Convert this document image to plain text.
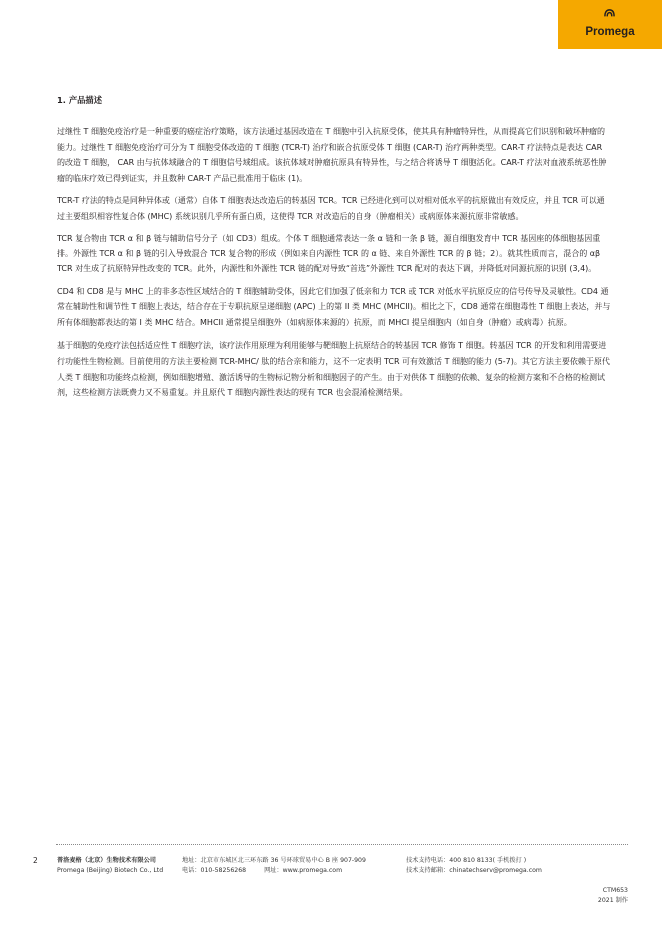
Promega
1. 产品描述

过继性 T 细胞免疫治疗是一种重要的癌症治疗策略，该方法通过基因改造在 T 细胞中引入抗原受体，使其具有肿瘤特异性，从而提高它们识别和破坏肿瘤的能力。过继性 T 细胞免疫治疗可分为 T 细胞受体改造的 T 细胞 (TCR-T) 治疗和嵌合抗原受体 T 细胞 (CAR-T) 治疗两种类型。CAR-T 疗法特点是表达 CAR 的改造 T 细胞， CAR 由与抗体域融合的 T 细胞信号域组成。该抗体域对肿瘤抗原具有特异性，与之结合将诱导 T 细胞活化。CAR-T 疗法对血液系统恶性肿瘤的临床疗效已得到证实，并且数种 CAR-T 产品已批准用于临床 (1)。

TCR-T 疗法的特点是同种异体或（通常）自体 T 细胞表达改造后的转基因 TCR。TCR 已经进化到可以对相对低水平的抗原做出有效反应，并且 TCR 可以通过主要组织相容性复合体 (MHC) 系统识别几乎所有蛋白质，这使得 TCR 对改造后的自身（肿瘤相关）或病原体来源抗原非常敏感。

TCR 复合物由 TCR α 和 β 链与辅助信号分子（如 CD3）组成。个体 T 细胞通常表达一条 α 链和一条 β 链，源自细胞发育中 TCR 基因座的体细胞基因重排。外源性 TCR α 和 β 链的引入导致混合 TCR 复合物的形成（例如来自内源性 TCR 的 α 链、来自外源性 TCR 的 β 链；2）。就其性质而言，混合的 αβ TCR 对生成了抗原特异性改变的 TCR。此外，内源性和外源性 TCR 链的配对导致“首选”外源性 TCR 配对的表达下调，并降低对同源抗原的识别 (3,4)。

CD4 和 CD8 是与 MHC 上的非多态性区域结合的 T 细胞辅助受体，因此它们加强了低亲和力 TCR 或 TCR 对低水平抗原反应的信号传导及灵敏性。CD4 通常在辅助性和调节性 T 细胞上表达，结合存在于专职抗原呈递细胞 (APC) 上的第 II 类 MHC (MHCII)。相比之下，CD8 通常在细胞毒性 T 细胞上表达，并与所有体细胞都表达的第 I 类 MHC 结合。MHCII 通常提呈细胞外（如病原体来源的）抗原，而 MHCI 提呈细胞内（如自身（肿瘤）或病毒）抗原。

基于细胞的免疫疗法包括适应性 T 细胞疗法，该疗法作用原理为利用能够与靶细胞上抗原结合的转基因 TCR 修饰 T 细胞。转基因 TCR 的开发和利用需要进行功能性生物检测。目前使用的方法主要检测 TCR-MHC/ 肽的结合亲和能力，这不一定表明 TCR 可有效激活 T 细胞的能力 (5-7)。其它方法主要依赖于原代人类 T 细胞和功能终点检测，例如细胞增殖、激活诱导的生物标记物分析和细胞因子的产生。由于对供体 T 细胞的依赖、复杂的检测方案和不合格的检测试剂，这些检测方法既费力又不易重复。并且原代 T 细胞内源性表达的现有 TCR 也会混淆检测结果。

2	普洛麦格（北京）生物技术有限公司
Promega (Beijing) Biotech Co., Ltd
地址：北京市东城区北三环东路 36 号环球贸易中心 B 座 907-909
电话：010-58256268	网址：www.promega.com
技术支持电话：400 810 8133( 手机拨打 )
技术支持邮箱：chinatechserv@promega.com
CTM653
2021 制作
